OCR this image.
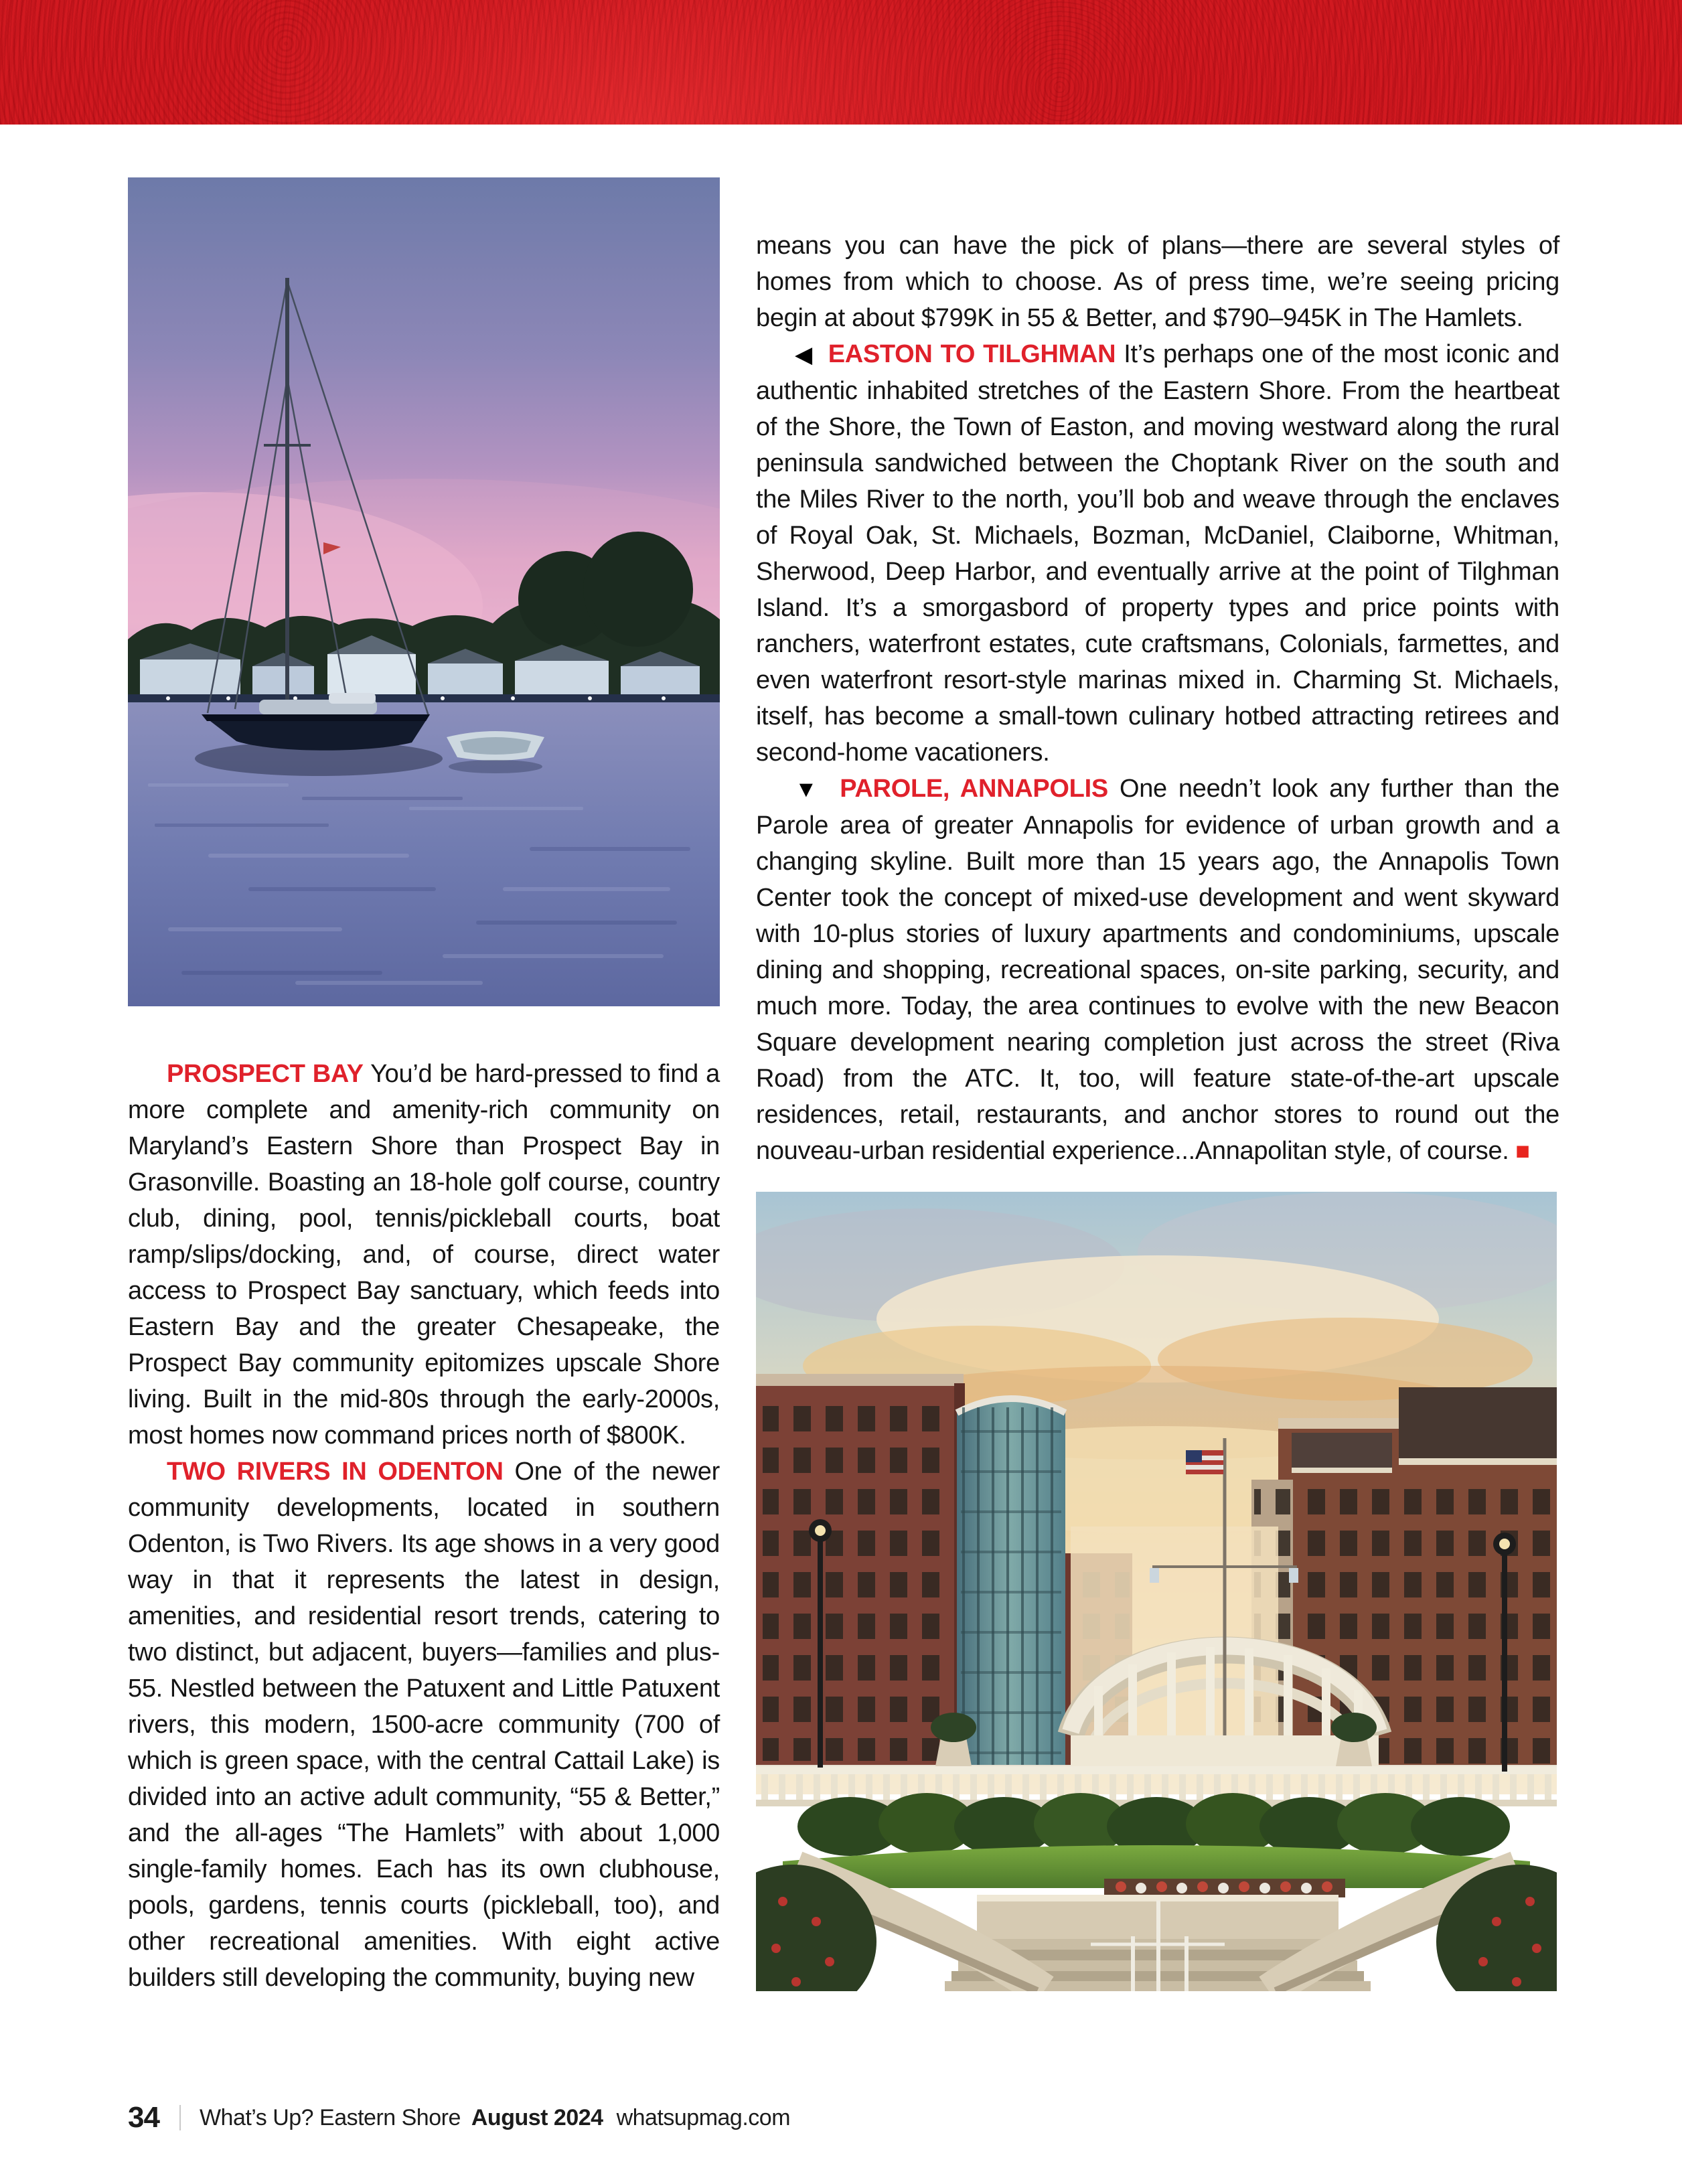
PROSPECT BAY You’d be hard-pressed to find a more complete and amenity-rich community on Maryland’s Eastern Shore than Prospect Bay in Grasonville. Boasting an 18-hole golf course, country club, dining, pool, tennis/pickleball courts, boat ramp/slips/docking, and, of course, direct water access to Prospect Bay sanctuary, which feeds into Eastern Bay and the greater Chesapeake, the Prospect Bay community epitomizes upscale Shore living. Built in the mid-80s through the early-2000s, most homes now command prices north of $800K.

TWO RIVERS IN ODENTON One of the newer community developments, located in southern Odenton, is Two Rivers. Its age shows in a very good way in that it represents the latest in design, amenities, and residential resort trends, catering to two distinct, but adjacent, buyers—families and plus-55. Nestled between the Patuxent and Little Patuxent rivers, this modern, 1500-acre community (700 of which is green space, with the central Cattail Lake) is divided into an active adult community, “55 & Better,” and the all-ages “The Hamlets” with about 1,000 single-family homes. Each has its own clubhouse, pools, gardens, tennis courts (pickleball, too), and other recreational amenities. With eight active builders still developing the community, buying new

means you can have the pick of plans—there are several styles of homes from which to choose. As of press time, we’re seeing pricing begin at about $799K in 55 & Better, and $790–945K in The Hamlets.

◀ EASTON TO TILGHMAN It’s perhaps one of the most iconic and authentic inhabited stretches of the Eastern Shore. From the heartbeat of the Shore, the Town of Easton, and moving westward along the rural peninsula sandwiched between the Choptank River on the south and the Miles River to the north, you’ll bob and weave through the enclaves of Royal Oak, St. Michaels, Bozman, McDaniel, Claiborne, Whitman, Sherwood, Deep Harbor, and eventually arrive at the point of Tilghman Island. It’s a smorgasbord of property types and price points with ranchers, waterfront estates, cute craftsmans, Colonials, farmettes, and even waterfront resort-style marinas mixed in. Charming St. Michaels, itself, has become a small-town culinary hotbed attracting retirees and second-home vacationers.

▼ PAROLE, ANNAPOLIS One needn’t look any further than the Parole area of greater Annapolis for evidence of urban growth and a changing skyline. Built more than 15 years ago, the Annapolis Town Center took the concept of mixed-use development and went skyward with 10-plus stories of luxury apartments and condominiums, upscale dining and shopping, recreational spaces, on-site parking, security, and much more. Today, the area continues to evolve with the new Beacon Square development nearing completion just across the street (Riva Road) from the ATC. It, too, will feature state-of-the-art upscale residences, retail, restaurants, and anchor stores to round out the nouveau-urban residential experience...Annapolitan style, of course. ■

34 What’s Up? Eastern Shore August 2024 whatsupmag.com
